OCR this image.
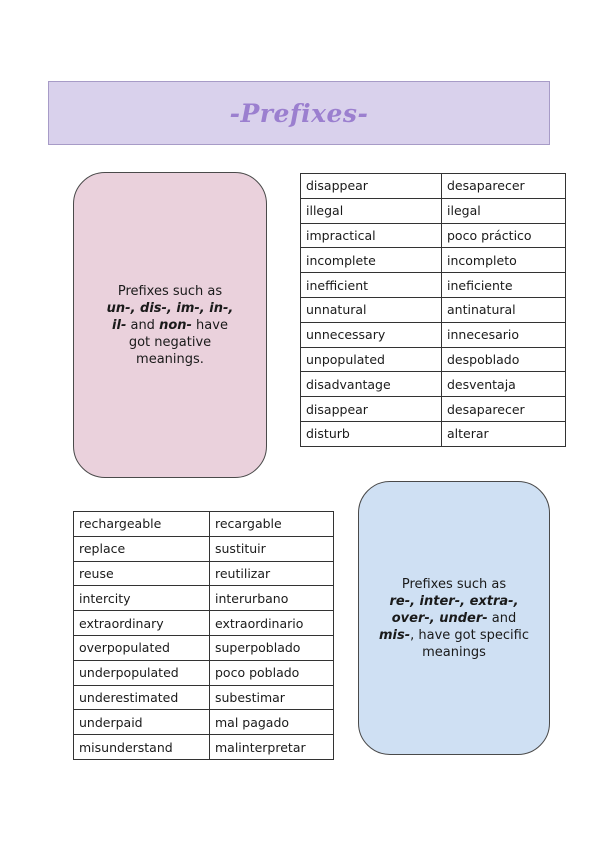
-Prefixes-
Prefixes such as
un-, dis-, im-, in-, il- and non- have got negative meanings.
disappear	desaparecer
illegal	ilegal
impractical	poco práctico
incomplete	incompleto
inefficient	ineficiente
unnatural	antinatural
unnecessary	innecesario
unpopulated	despoblado
disadvantage	desventaja
disappear	desaparecer
disturb	alterar
rechargeable	recargable
replace	sustituir
reuse	reutilizar
intercity	interurbano
extraordinary	extraordinario
overpopulated	superpoblado
underpopulated	poco poblado
underestimated	subestimar
underpaid	mal pagado
misunderstand	malinterpretar
Prefixes such as
re-, inter-, extra-, over-, under- and mis-, have got specific meanings
